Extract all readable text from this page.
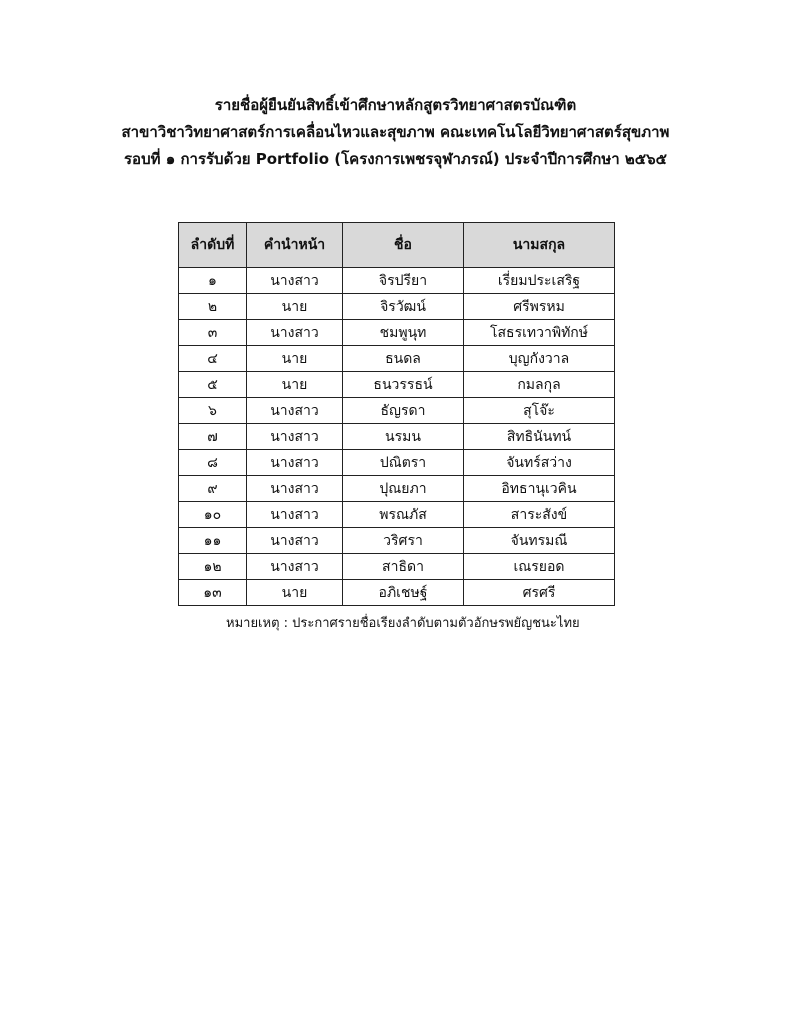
รายชื่อผู้ยืนยันสิทธิ์เข้าศึกษาหลักสูตรวิทยาศาสตรบัณฑิต
สาขาวิชาวิทยาศาสตร์การเคลื่อนไหวและสุขภาพ คณะเทคโนโลยีวิทยาศาสตร์สุขภาพ
รอบที่ ๑ การรับด้วย Portfolio (โครงการเพชรจุฬาภรณ์) ประจำปีการศึกษา ๒๕๖๕
ลำดับที่	คำนำหน้า	ชื่อ	นามสกุล
๑	นางสาว	จิรปรียา	เรี่ยมประเสริฐ
๒	นาย	จิรวัฒน์	ศรีพรหม
๓	นางสาว	ชมพูนุท	โสธรเทวาพิทักษ์
๔	นาย	ธนดล	บุญกังวาล
๕	นาย	ธนวรรธน์	กมลกุล
๖	นางสาว	ธัญรดา	สุโจ๊ะ
๗	นางสาว	นรมน	สิทธินันทน์
๘	นางสาว	ปณิตรา	จันทร์สว่าง
๙	นางสาว	ปุณยภา	อิทธานุเวคิน
๑๐	นางสาว	พรณภัส	สาระสังข์
๑๑	นางสาว	วริศรา	จันทรมณี
๑๒	นางสาว	สาธิดา	เณรยอด
๑๓	นาย	อภิเชษฐ์	ศรศรี
หมายเหตุ : ประกาศรายชื่อเรียงลำดับตามตัวอักษรพยัญชนะไทย
